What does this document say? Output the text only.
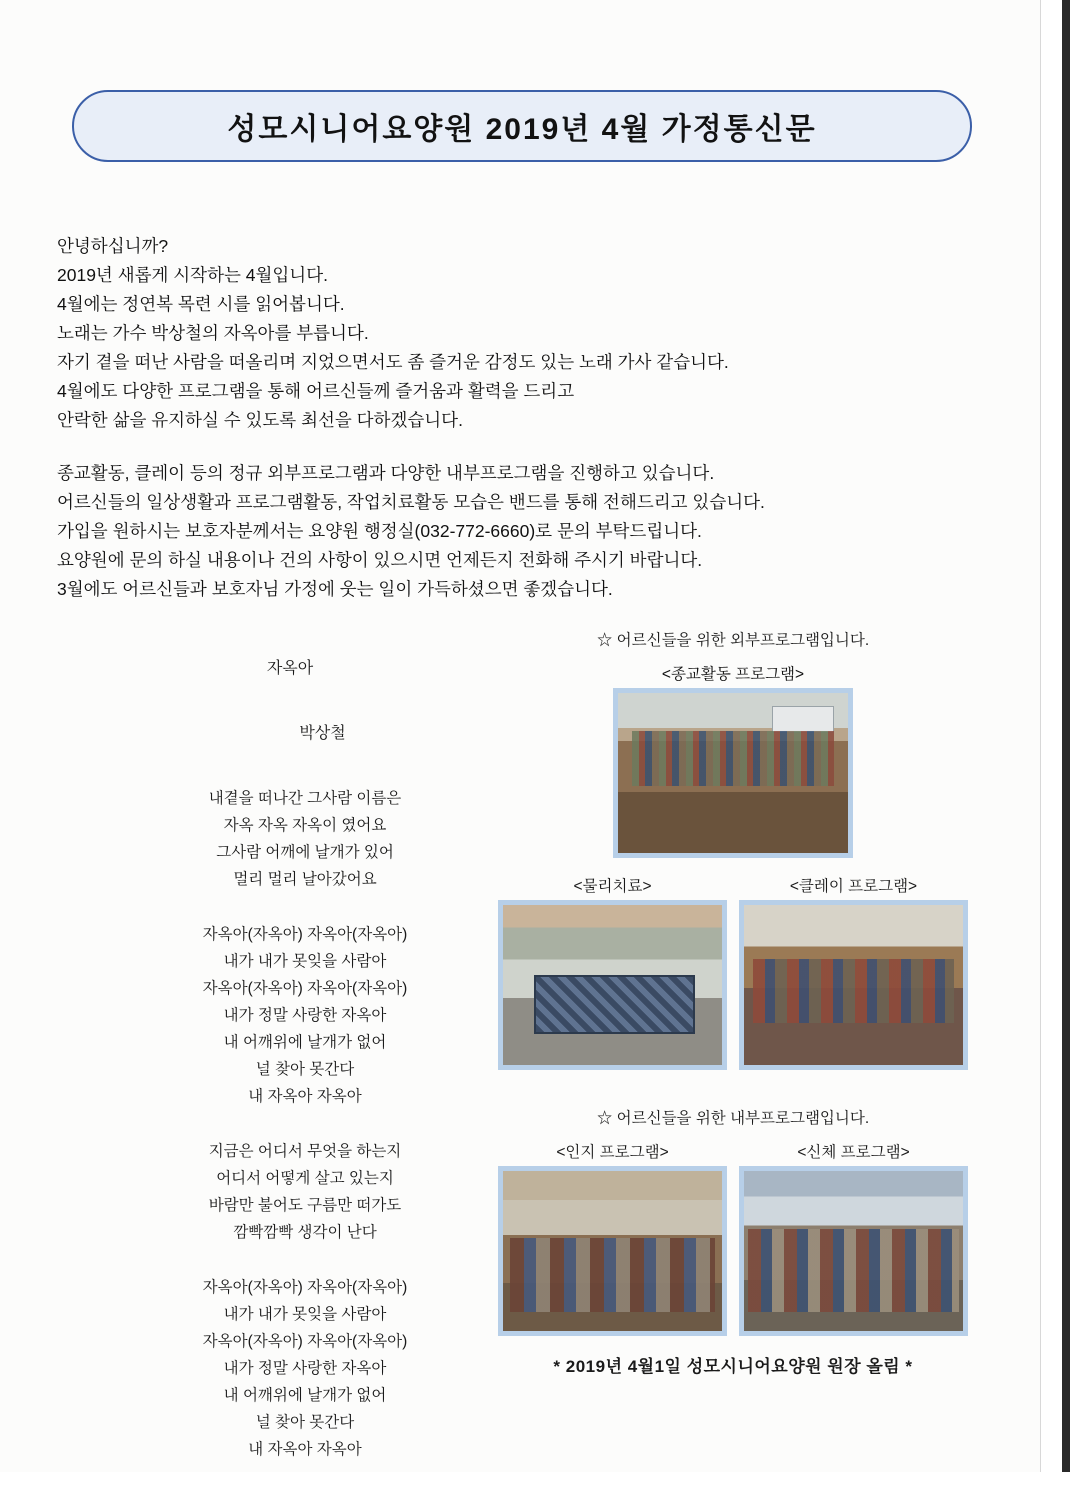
성모시니어요양원 2019년 4월 가정통신문
안녕하십니까?
2019년 새롭게 시작하는 4월입니다.
4월에는 정연복 목련 시를 읽어봅니다.
노래는 가수 박상철의 자옥아를 부릅니다.
자기 곁을 떠난 사람을 떠올리며 지었으면서도 좀 즐거운 감정도 있는 노래 가사 같습니다.
4월에도 다양한 프로그램을 통해 어르신들께 즐거움과 활력을 드리고
안락한 삶을 유지하실 수 있도록 최선을 다하겠습니다.
종교활동, 클레이 등의 정규 외부프로그램과 다양한 내부프로그램을 진행하고 있습니다.
어르신들의 일상생활과 프로그램활동, 작업치료활동 모습은 밴드를 통해 전해드리고 있습니다.
가입을 원하시는 보호자분께서는 요양원 행정실(032-772-6660)로 문의 부탁드립니다.
요양원에 문의 하실 내용이나 건의 사항이 있으시면 언제든지 전화해 주시기 바랍니다.
3월에도 어르신들과 보호자님 가정에 웃는 일이 가득하셨으면 좋겠습니다.
자옥아
박상철
내곁을 떠나간 그사람 이름은
자옥 자옥 자옥이 였어요
그사람 어깨에 날개가 있어
멀리 멀리 날아갔어요
자옥아(자옥아) 자옥아(자옥아)
내가 내가 못잊을 사람아
자옥아(자옥아) 자옥아(자옥아)
내가 정말 사랑한 자옥아
내 어깨위에 날개가 없어
널 찾아 못간다
내 자옥아 자옥아
지금은 어디서 무엇을 하는지
어디서 어떻게 살고 있는지
바람만 불어도 구름만 떠가도
깜빡깜빡 생각이 난다
자옥아(자옥아) 자옥아(자옥아)
내가 내가 못잊을 사람아
자옥아(자옥아) 자옥아(자옥아)
내가 정말 사랑한 자옥아
내 어깨위에 날개가 없어
널 찾아 못간다
내 자옥아 자옥아
☆ 어르신들을 위한 외부프로그램입니다.
<종교활동 프로그램>
<물리치료>	<클레이 프로그램>
☆ 어르신들을 위한 내부프로그램입니다.
<인지 프로그램>	<신체 프로그램>
* 2019년 4월1일 성모시니어요양원 원장 올림 *
